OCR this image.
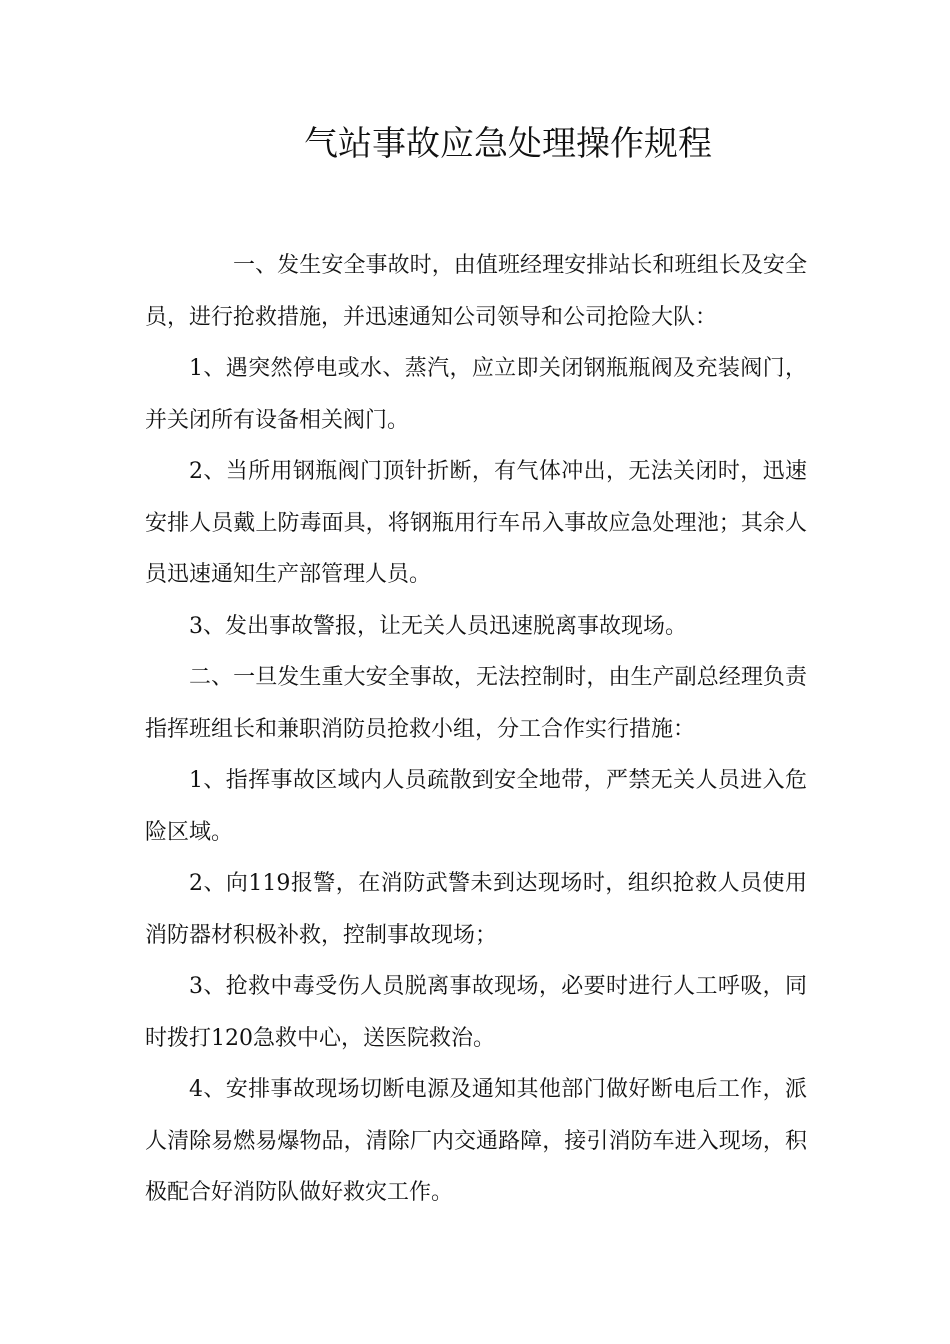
气站事故应急处理操作规程

一、发生安全事故时，由值班经理安排站长和班组长及安全员，进行抢救措施，并迅速通知公司领导和公司抢险大队：

1、遇突然停电或水、蒸汽，应立即关闭钢瓶瓶阀及充装阀门，并关闭所有设备相关阀门。

2、当所用钢瓶阀门顶针折断，有气体冲出，无法关闭时，迅速安排人员戴上防毒面具，将钢瓶用行车吊入事故应急处理池；其余人员迅速通知生产部管理人员。

3、发出事故警报，让无关人员迅速脱离事故现场。

二、一旦发生重大安全事故，无法控制时，由生产副总经理负责指挥班组长和兼职消防员抢救小组，分工合作实行措施：

1、指挥事故区域内人员疏散到安全地带，严禁无关人员进入危险区域。

2、向119报警，在消防武警未到达现场时，组织抢救人员使用消防器材积极补救，控制事故现场；

3、抢救中毒受伤人员脱离事故现场，必要时进行人工呼吸，同时拨打120急救中心，送医院救治。

4、安排事故现场切断电源及通知其他部门做好断电后工作，派人清除易燃易爆物品，清除厂内交通路障，接引消防车进入现场，积极配合好消防队做好救灾工作。
